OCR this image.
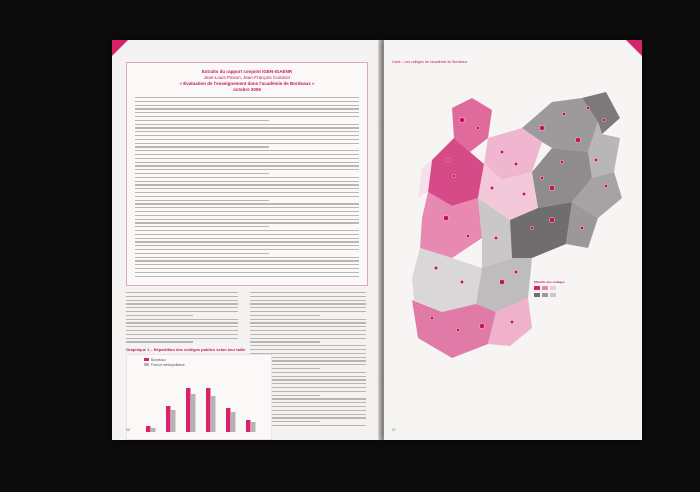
Extraits du rapport conjoint IGEN-IGAENR
Jean-Louis Pinson, Jean-François Cuisinier
« Évaluation de l'enseignement dans l'académie de Bordeaux »
octobre 2006
Graphique 1 – Répartition des collèges publics selon leur taille
Bordeaux
France métropolitaine
36
Carte – Les collèges de l'académie de Bordeaux
Effectifs des collèges
37
